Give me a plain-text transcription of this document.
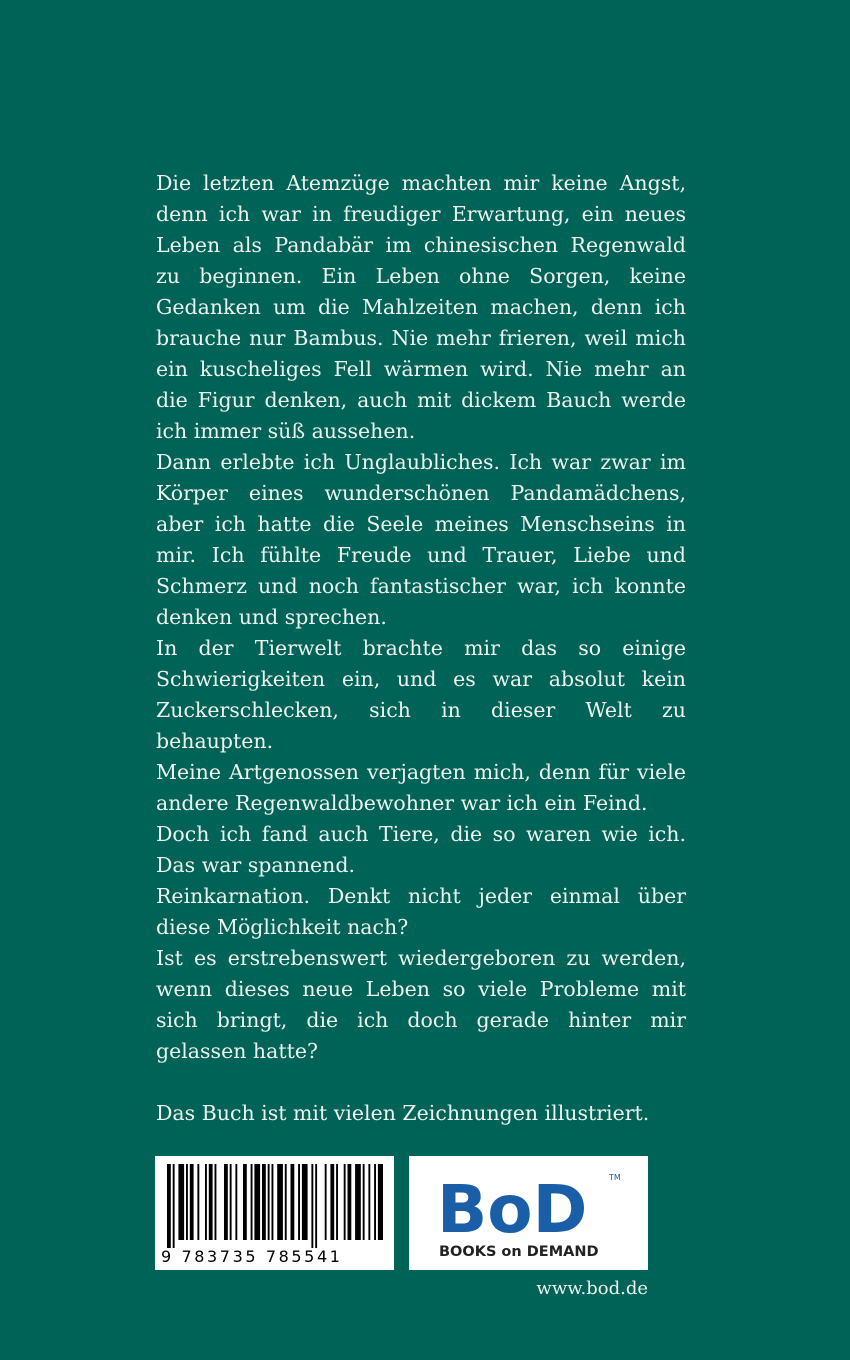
Die letzten Atemzüge machten mir keine Angst, denn ich war in freudiger Erwartung, ein neues Leben als Pandabär im chinesischen Regenwald zu beginnen. Ein Leben ohne Sorgen, keine Gedanken um die Mahlzeiten machen, denn ich brauche nur Bambus. Nie mehr frieren, weil mich ein kuscheliges Fell wärmen wird. Nie mehr an die Figur denken, auch mit dickem Bauch werde ich immer süß aussehen.

Dann erlebte ich Unglaubliches. Ich war zwar im Körper eines wunderschönen Pandamädchens, aber ich hatte die Seele meines Menschseins in mir. Ich fühlte Freude und Trauer, Liebe und Schmerz und noch fantastischer war, ich konnte denken und sprechen.

In der Tierwelt brachte mir das so einige Schwierigkeiten ein, und es war absolut kein Zuckerschlecken, sich in dieser Welt zu behaupten.

Meine Artgenossen verjagten mich, denn für viele andere Regenwaldbewohner war ich ein Feind.

Doch ich fand auch Tiere, die so waren wie ich. Das war spannend.

Reinkarnation. Denkt nicht jeder einmal über diese Möglichkeit nach?

Ist es erstrebenswert wiedergeboren zu werden, wenn dieses neue Leben so viele Probleme mit sich bringt, die ich doch gerade hinter mir gelassen hatte?

Das Buch ist mit vielen Zeichnungen illustriert.

9 783735 785541
BoD	TM
BOOKS on DEMAND
www.bod.de
